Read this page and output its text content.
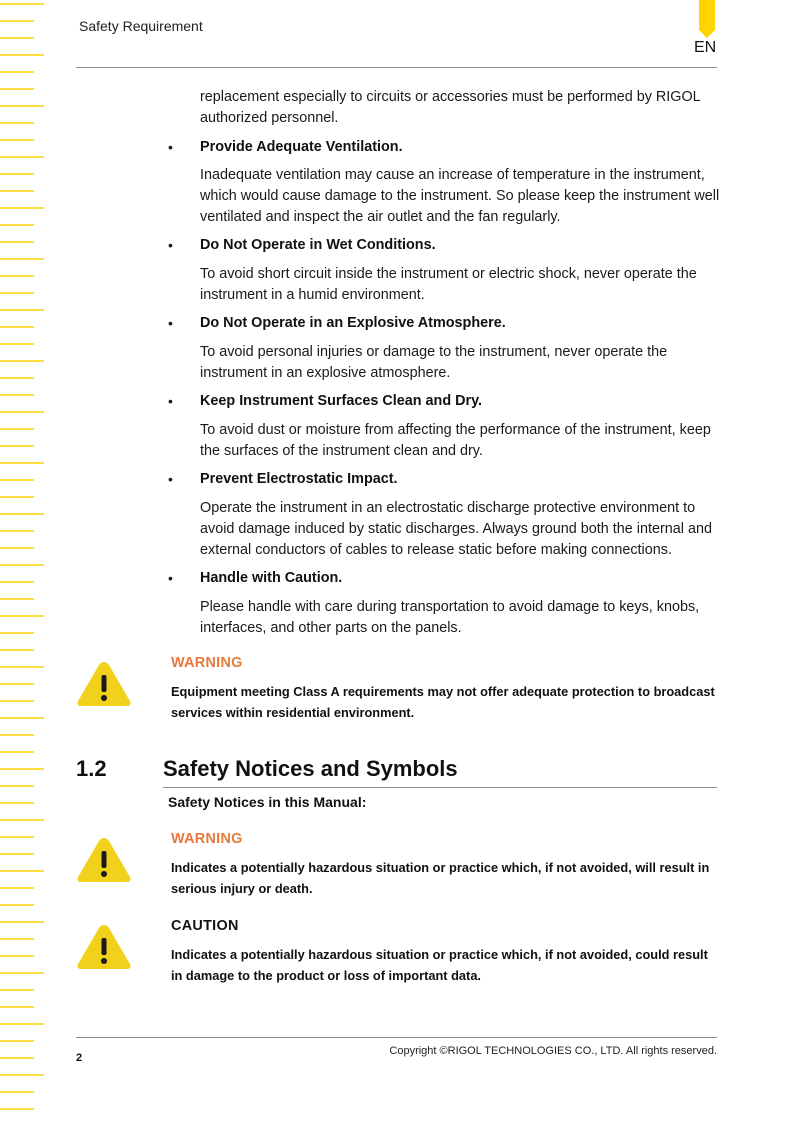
Safety Requirement
EN
replacement especially to circuits or accessories must be performed by RIGOL authorized personnel.
• Provide Adequate Ventilation.
Inadequate ventilation may cause an increase of temperature in the instrument, which would cause damage to the instrument. So please keep the instrument well ventilated and inspect the air outlet and the fan regularly.
• Do Not Operate in Wet Conditions.
To avoid short circuit inside the instrument or electric shock, never operate the instrument in a humid environment.
• Do Not Operate in an Explosive Atmosphere.
To avoid personal injuries or damage to the instrument, never operate the instrument in an explosive atmosphere.
• Keep Instrument Surfaces Clean and Dry.
To avoid dust or moisture from affecting the performance of the instrument, keep the surfaces of the instrument clean and dry.
• Prevent Electrostatic Impact.
Operate the instrument in an electrostatic discharge protective environment to avoid damage induced by static discharges. Always ground both the internal and external conductors of cables to release static before making connections.
• Handle with Caution.
Please handle with care during transportation to avoid damage to keys, knobs, interfaces, and other parts on the panels.
WARNING
Equipment meeting Class A requirements may not offer adequate protection to broadcast services within residential environment.
1.2	Safety Notices and Symbols
Safety Notices in this Manual:
WARNING
Indicates a potentially hazardous situation or practice which, if not avoided, will result in serious injury or death.
CAUTION
Indicates a potentially hazardous situation or practice which, if not avoided, could result in damage to the product or loss of important data.
2
Copyright ©RIGOL TECHNOLOGIES CO., LTD. All rights reserved.
